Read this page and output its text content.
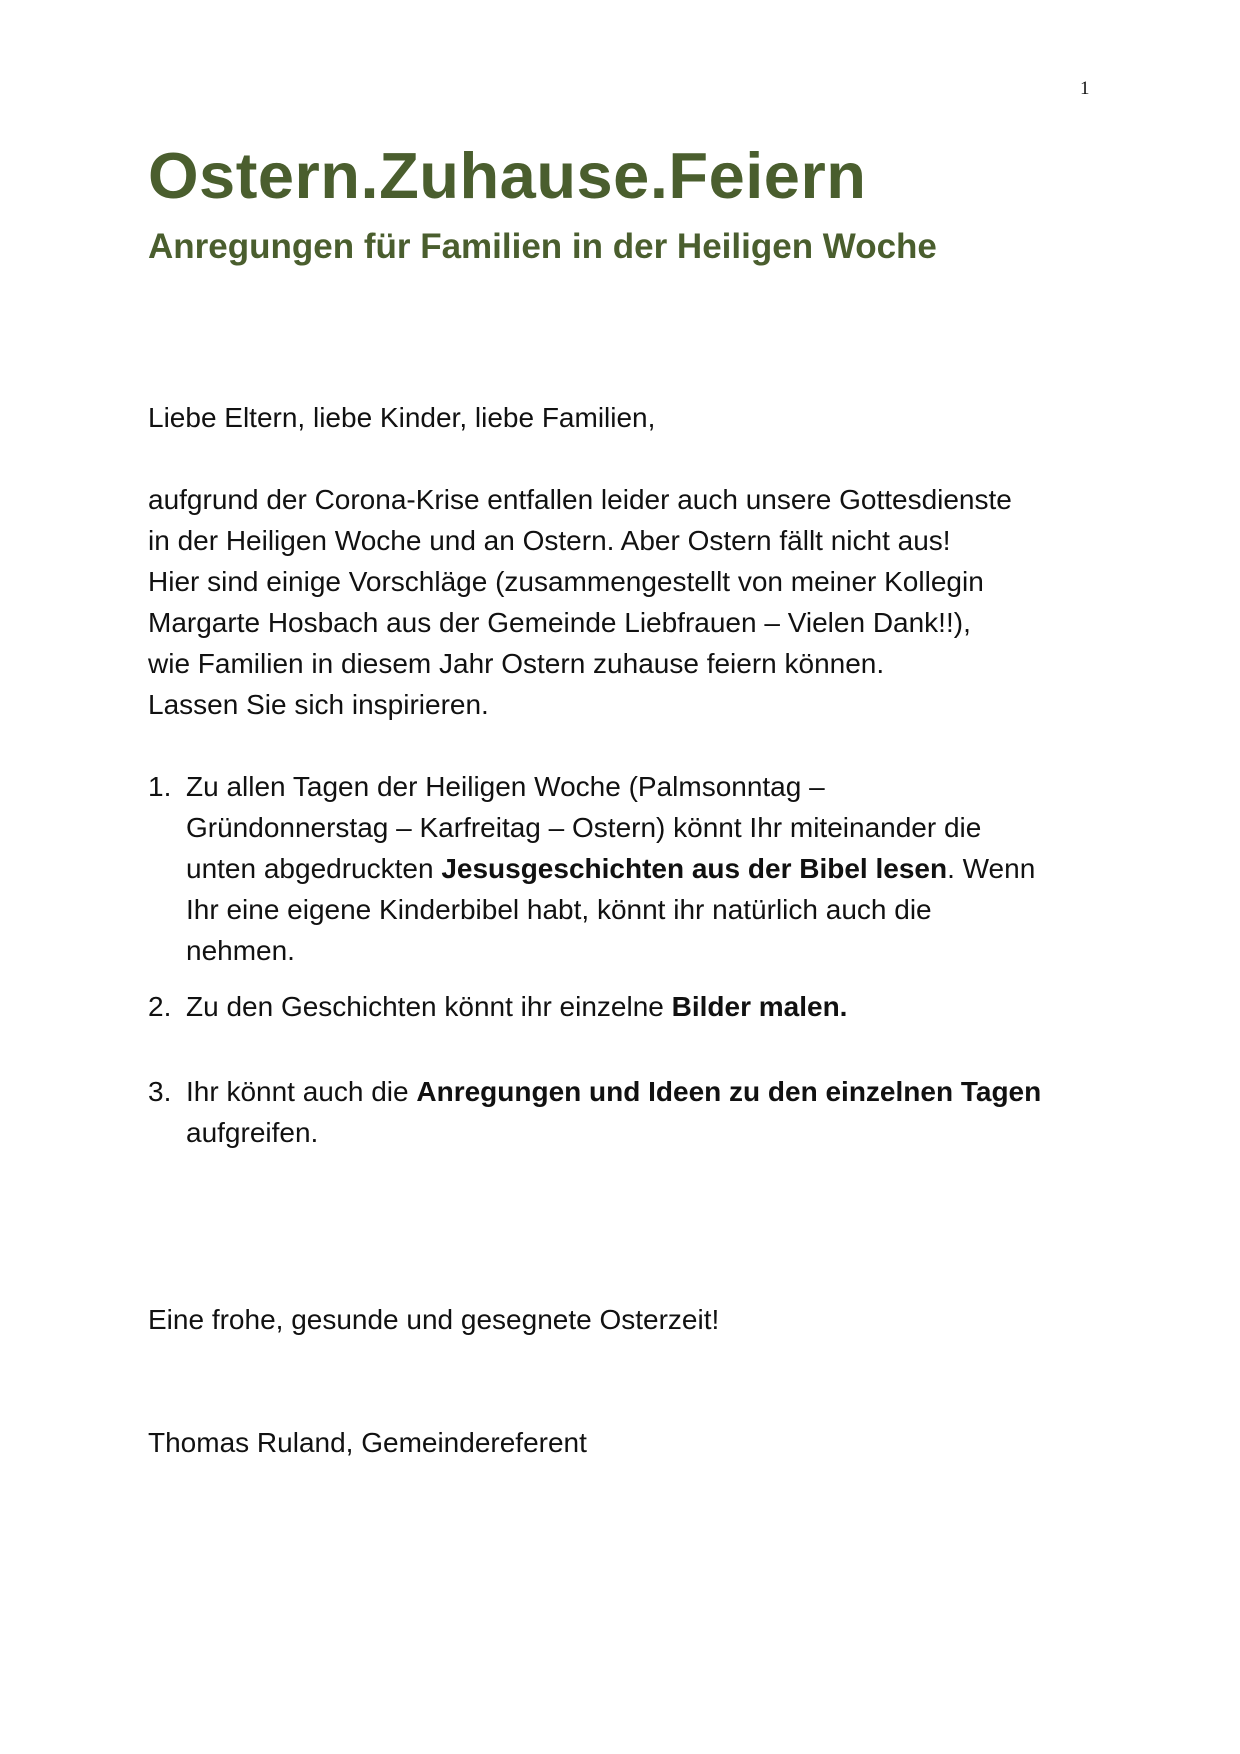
1
Ostern.Zuhause.Feiern
Anregungen für Familien in der Heiligen Woche
Liebe Eltern, liebe Kinder, liebe Familien,
aufgrund der Corona-Krise entfallen leider auch unsere Gottesdienste
in der Heiligen Woche und an Ostern. Aber Ostern fällt nicht aus!
Hier sind einige Vorschläge (zusammengestellt von meiner Kollegin
Margarte Hosbach aus der Gemeinde Liebfrauen – Vielen Dank!!),
wie Familien in diesem Jahr Ostern zuhause feiern können.
Lassen Sie sich inspirieren.
1. Zu allen Tagen der Heiligen Woche (Palmsonntag –
Gründonnerstag – Karfreitag – Ostern) könnt Ihr miteinander die
unten abgedruckten Jesusgeschichten aus der Bibel lesen. Wenn
Ihr eine eigene Kinderbibel habt, könnt ihr natürlich auch die
nehmen.
2. Zu den Geschichten könnt ihr einzelne Bilder malen.
3. Ihr könnt auch die Anregungen und Ideen zu den einzelnen Tagen
aufgreifen.
Eine frohe, gesunde und gesegnete Osterzeit!
Thomas Ruland, Gemeindereferent
